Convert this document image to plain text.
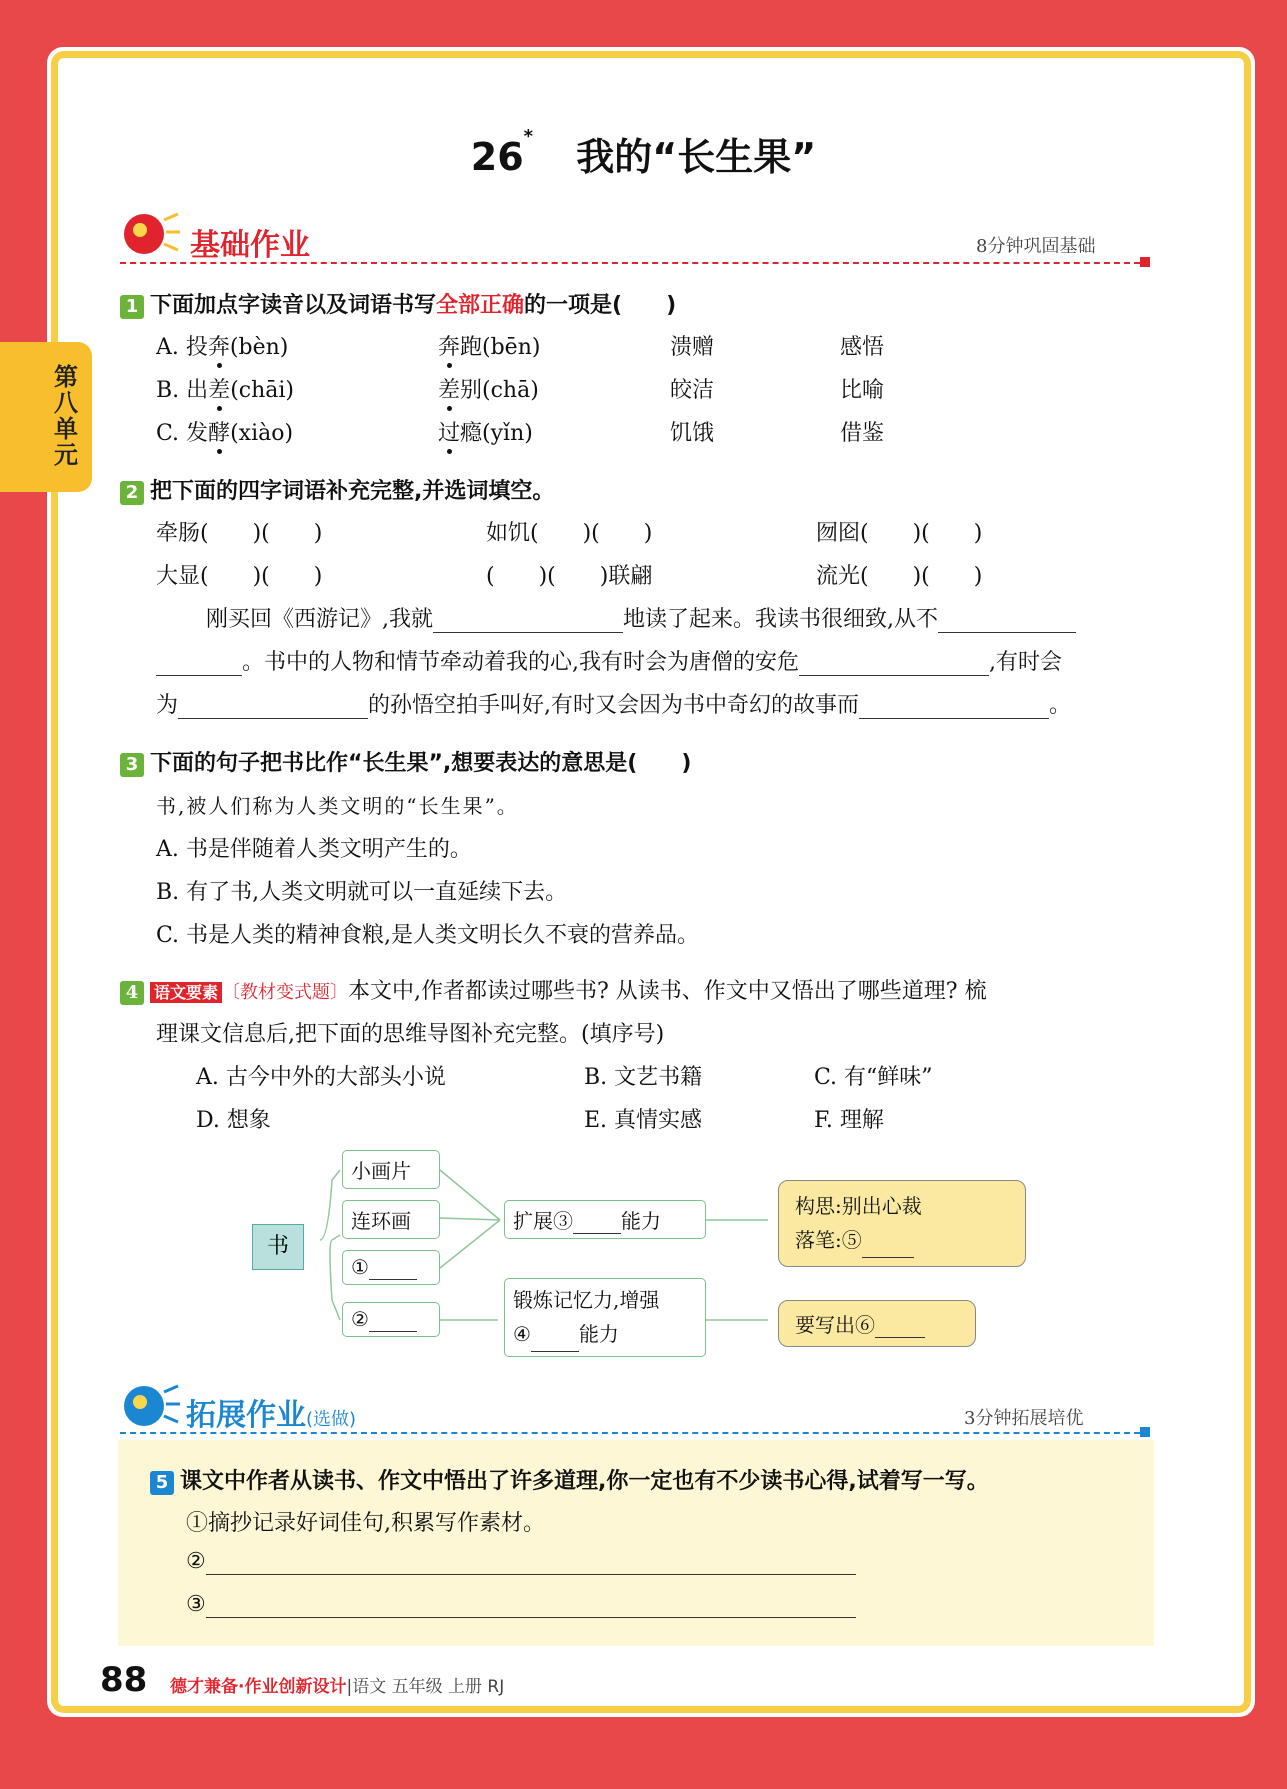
第八单元
26* 我的“长生果”
基础作业	8分钟巩固基础
1 下面加点字读音以及词语书写全部正确的一项是(　　)
A. 投奔(bèn)	奔跑(bēn)	溃赠	感悟
B. 出差(chāi)	差别(chā)	皎洁	比喻
C. 发酵(xiào)	过瘾(yǐn)	饥饿	借鉴
2 把下面的四字词语补充完整,并选词填空。
牵肠(　　)(　　)	如饥(　　)(　　)	囫囵(　　)(　　)
大显(　　)(　　)	(　　)(　　)联翩	流光(　　)(　　)
刚买回《西游记》,我就	地读了起来。我读书很细致,从不
。书中的人物和情节牵动着我的心,我有时会为唐僧的安危	,有时会
为	的孙悟空拍手叫好,有时又会因为书中奇幻的故事而	。
3 下面的句子把书比作“长生果”,想要表达的意思是(　　)
书,被人们称为人类文明的“长生果”。
A. 书是伴随着人类文明产生的。
B. 有了书,人类文明就可以一直延续下去。
C. 书是人类的精神食粮,是人类文明长久不衰的营养品。
4 语文要素 〔教材变式题〕本文中,作者都读过哪些书? 从读书、作文中又悟出了哪些道理? 梳
理课文信息后,把下面的思维导图补充完整。(填序号)
A. 古今中外的大部头小说	B. 文艺书籍	C. 有“鲜味”
D. 想象	E. 真情实感	F. 理解
书
小画片
连环画
①
②
扩展③ 能力
锻炼记忆力,增强
④ 能力
构思:别出心裁
落笔:⑤
要写出⑥
拓展作业(选做)	3分钟拓展培优
5 课文中作者从读书、作文中悟出了许多道理,你一定也有不少读书心得,试着写一写。
①摘抄记录好词佳句,积累写作素材。
②
③
88 德才兼备·作业创新设计|语文 五年级 上册 RJ
